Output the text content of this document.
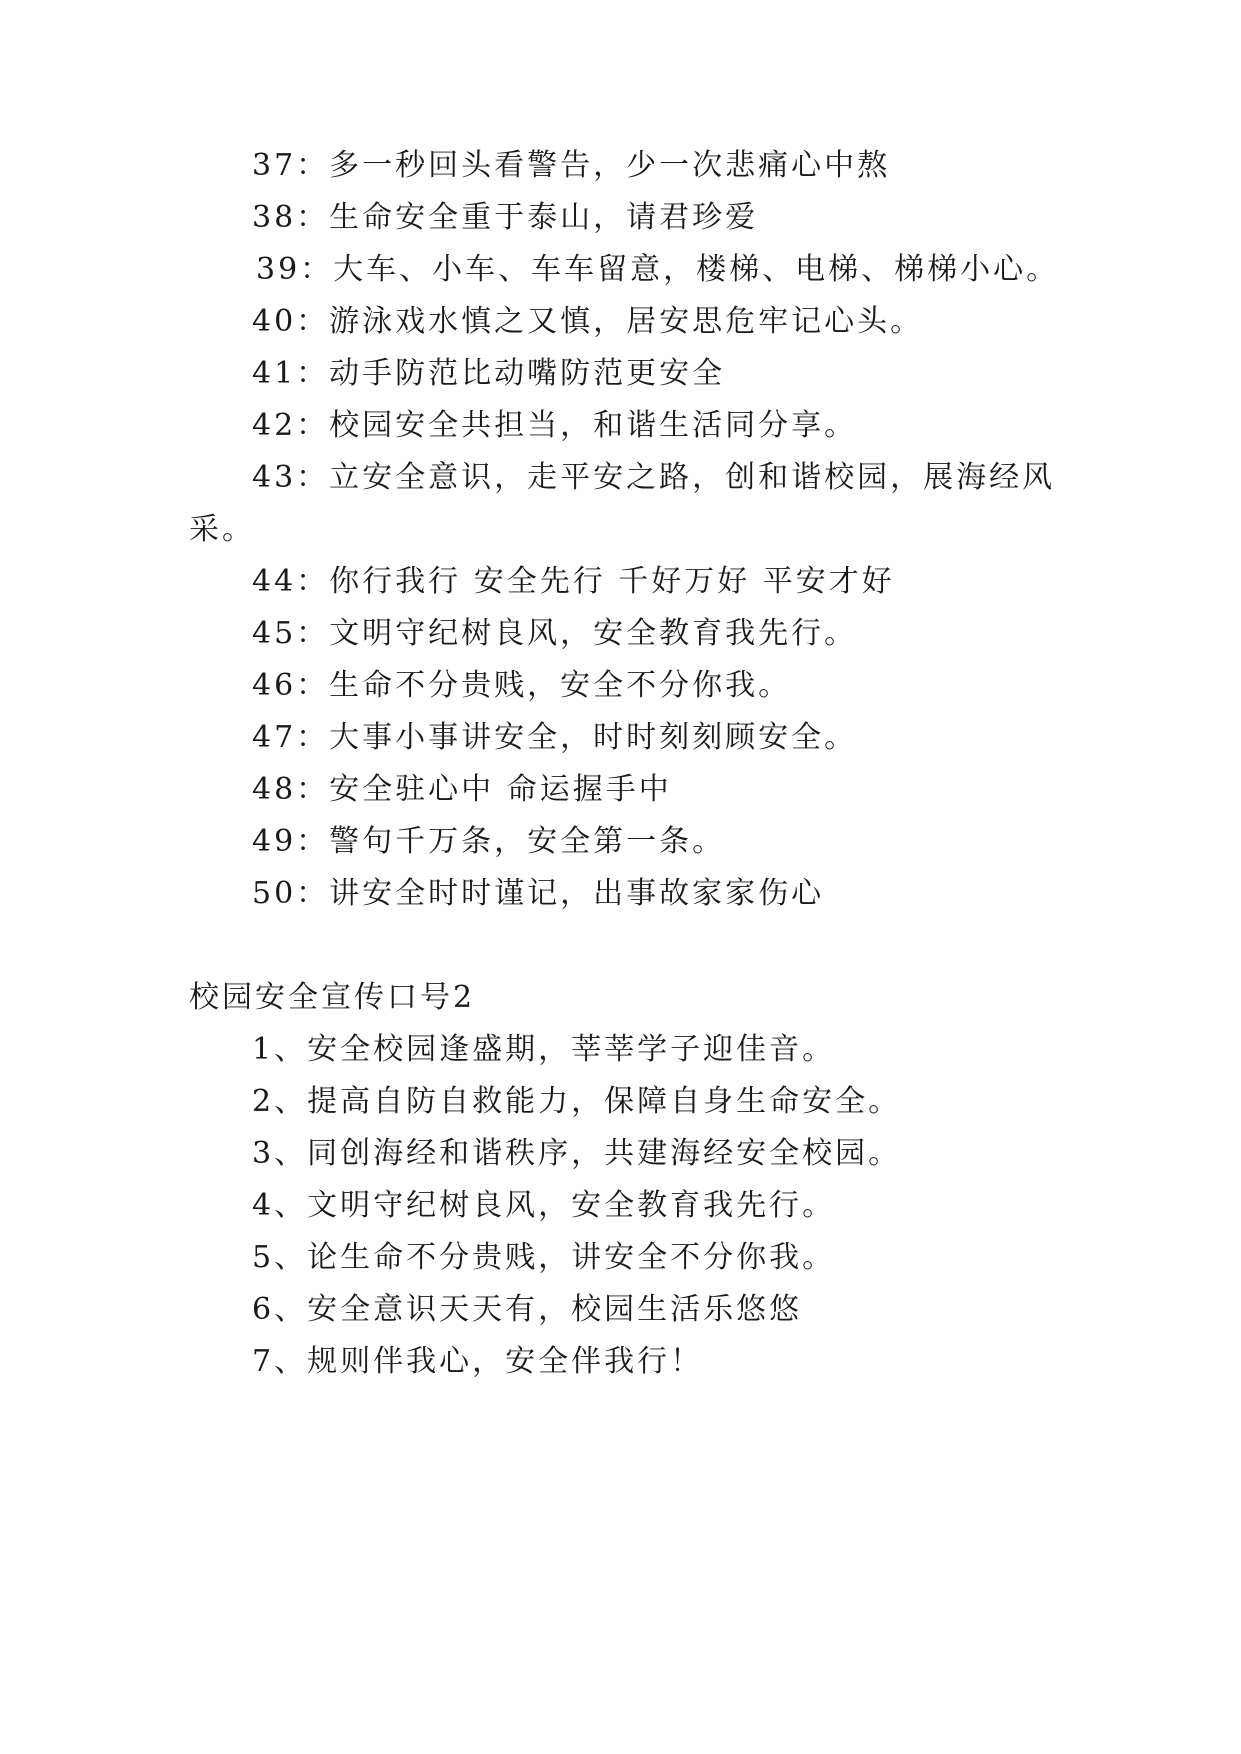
37：多一秒回头看警告，少一次悲痛心中熬
38：生命安全重于泰山，请君珍爱
39：大车、小车、车车留意，楼梯、电梯、梯梯小心。
40：游泳戏水慎之又慎，居安思危牢记心头。
41：动手防范比动嘴防范更安全
42：校园安全共担当，和谐生活同分享。
43：立安全意识，走平安之路，创和谐校园，展海经风
采。
44：你行我行 安全先行 千好万好 平安才好
45：文明守纪树良风，安全教育我先行。
46：生命不分贵贱，安全不分你我。
47：大事小事讲安全，时时刻刻顾安全。
48：安全驻心中 命运握手中
49：警句千万条，安全第一条。
50：讲安全时时谨记，出事故家家伤心
校园安全宣传口号2
1、安全校园逢盛期，莘莘学子迎佳音。
2、提高自防自救能力，保障自身生命安全。
3、同创海经和谐秩序，共建海经安全校园。
4、文明守纪树良风，安全教育我先行。
5、论生命不分贵贱，讲安全不分你我。
6、安全意识天天有，校园生活乐悠悠
7、规则伴我心，安全伴我行！
